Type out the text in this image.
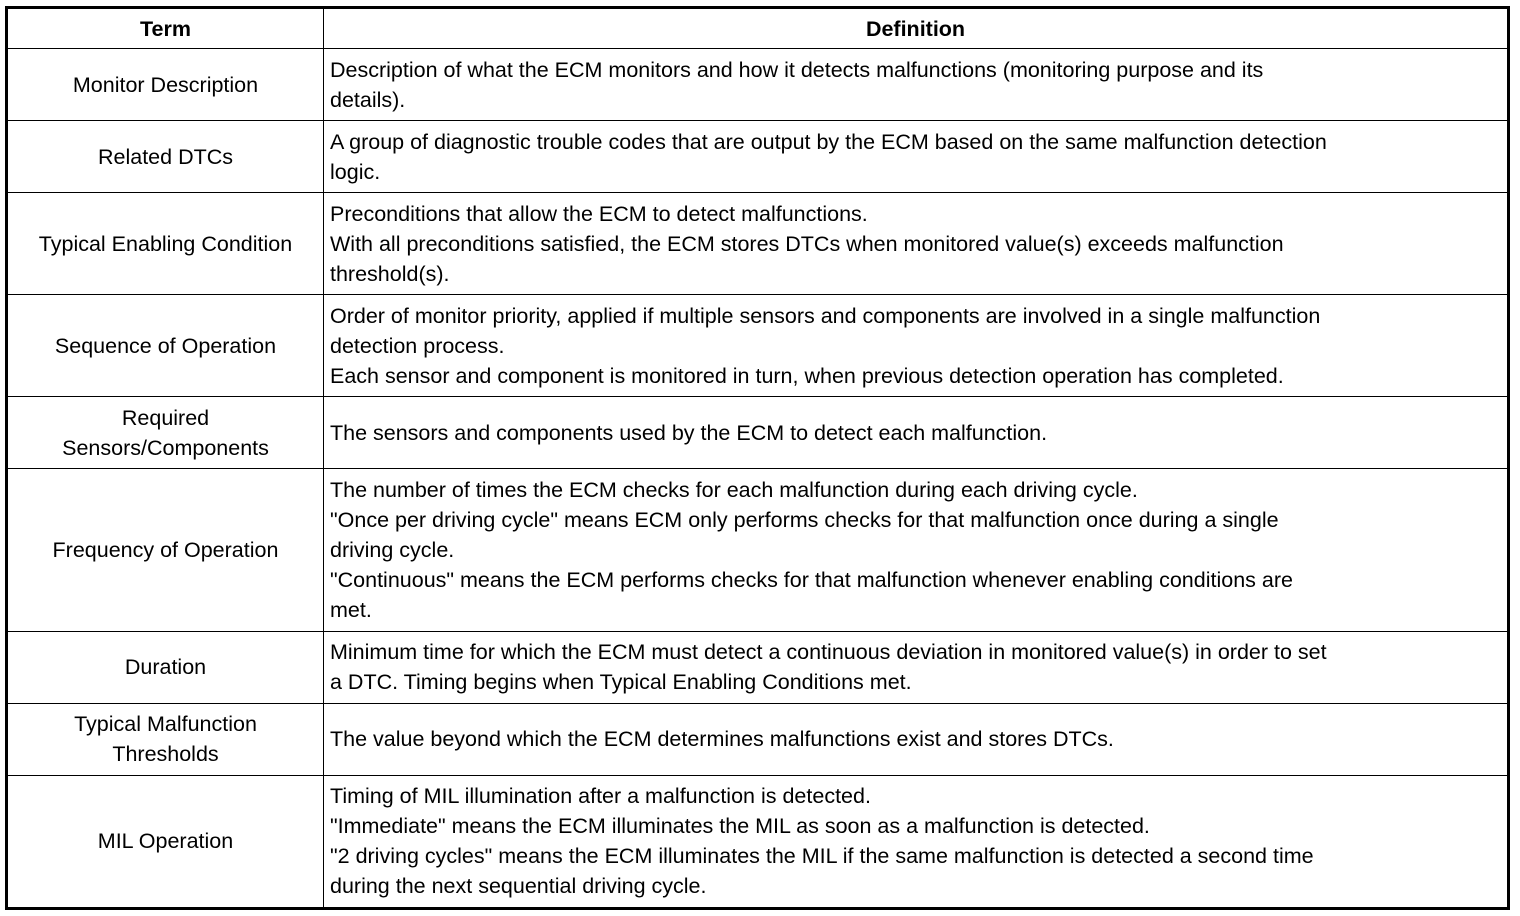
Term	Definition

Monitor Description	Description of what the ECM monitors and how it detects malfunctions (monitoring purpose and its
details).

Related DTCs	A group of diagnostic trouble codes that are output by the ECM based on the same malfunction detection
logic.

Typical Enabling Condition	Preconditions that allow the ECM to detect malfunctions.
With all preconditions satisfied, the ECM stores DTCs when monitored value(s) exceeds malfunction
threshold(s).

Sequence of Operation	Order of monitor priority, applied if multiple sensors and components are involved in a single malfunction
detection process.
Each sensor and component is monitored in turn, when previous detection operation has completed.

Required
Sensors/Components	The sensors and components used by the ECM to detect each malfunction.

Frequency of Operation	The number of times the ECM checks for each malfunction during each driving cycle.
"Once per driving cycle" means ECM only performs checks for that malfunction once during a single
driving cycle.
"Continuous" means the ECM performs checks for that malfunction whenever enabling conditions are
met.

Duration	Minimum time for which the ECM must detect a continuous deviation in monitored value(s) in order to set
a DTC. Timing begins when Typical Enabling Conditions met.

Typical Malfunction
Thresholds	The value beyond which the ECM determines malfunctions exist and stores DTCs.

MIL Operation	Timing of MIL illumination after a malfunction is detected.
"Immediate" means the ECM illuminates the MIL as soon as a malfunction is detected.
"2 driving cycles" means the ECM illuminates the MIL if the same malfunction is detected a second time
during the next sequential driving cycle.
